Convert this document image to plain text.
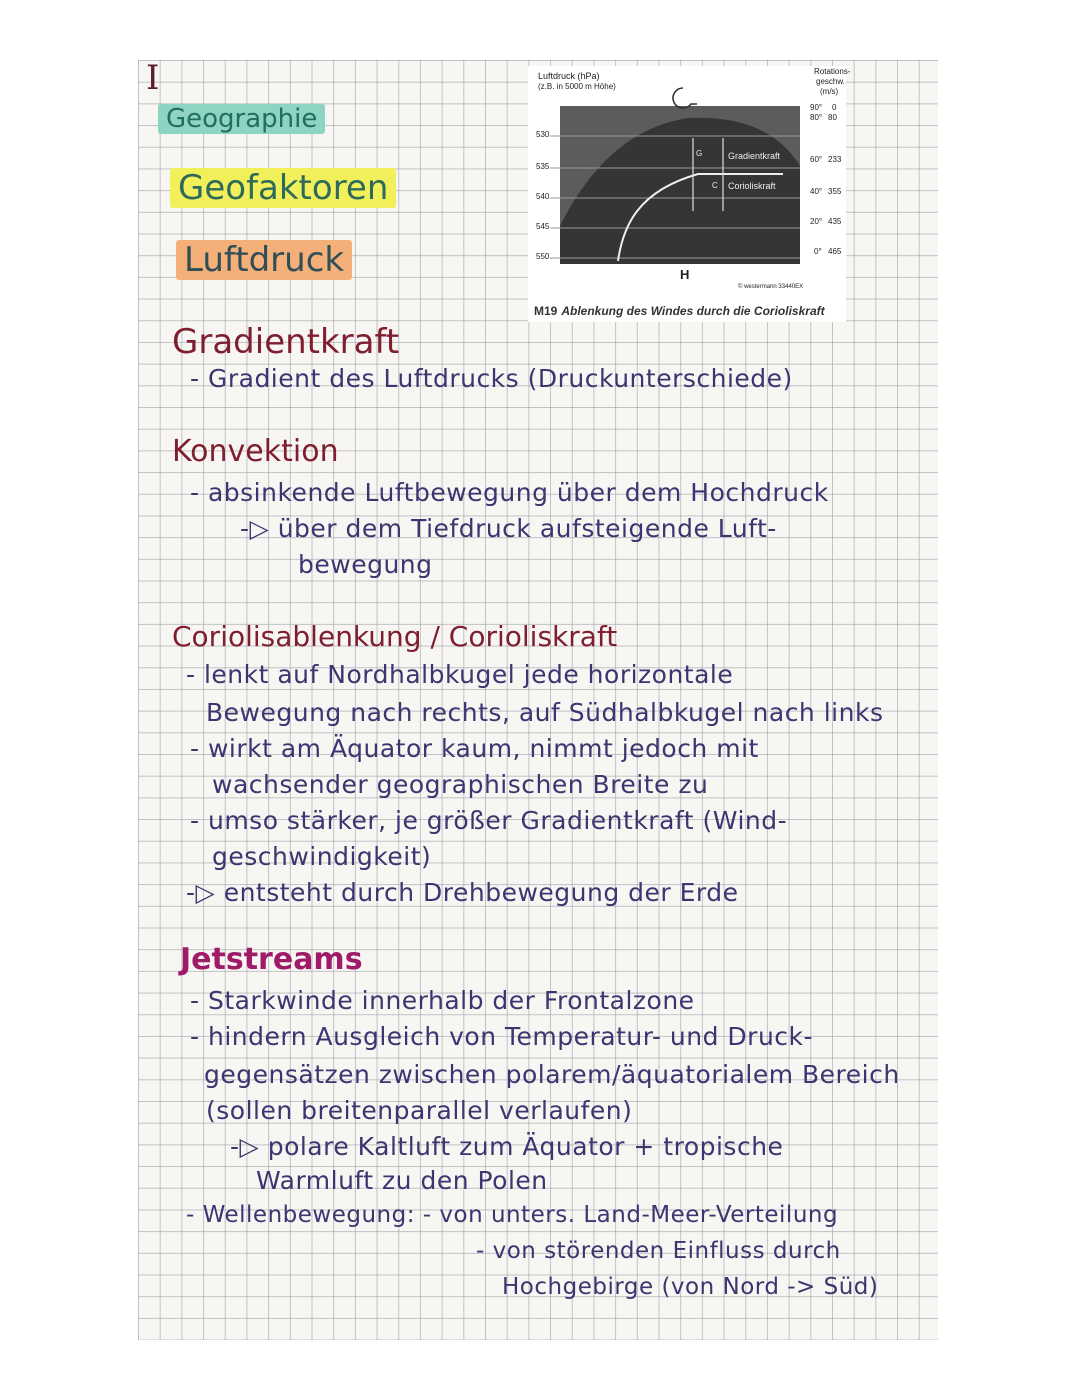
I
Geographie
Geofaktoren
Luftdruck
Luftdruck (hPa)
(z.B. in 5000 m Höhe)
Rotations-
geschw.
(m/s)
530
535
540
545
550
90° 0
80° 80
60° 233
40° 355
20° 435
0° 465
Gradientkraft
Corioliskraft
G
C
H
© westermann 33440EX
M19 Ablenkung des Windes durch die Corioliskraft
Gradientkraft
- Gradient des Luftdrucks (Druckunterschiede)
Konvektion
- absinkende Luftbewegung über dem Hochdruck
-▷ über dem Tiefdruck aufsteigende Luft-
bewegung
Coriolisablenkung / Corioliskraft
- lenkt auf Nordhalbkugel jede horizontale
Bewegung nach rechts, auf Südhalbkugel nach links
- wirkt am Äquator kaum, nimmt jedoch mit
wachsender geographischen Breite zu
- umso stärker, je größer Gradientkraft (Wind-
geschwindigkeit)
-▷ entsteht durch Drehbewegung der Erde
Jetstreams
- Starkwinde innerhalb der Frontalzone
- hindern Ausgleich von Temperatur- und Druck-
gegensätzen zwischen polarem/äquatorialem Bereich
(sollen breitenparallel verlaufen)
-▷ polare Kaltluft zum Äquator + tropische
Warmluft zu den Polen
- Wellenbewegung: - von unters. Land-Meer-Verteilung
- von störenden Einfluss durch
Hochgebirge (von Nord -> Süd)
